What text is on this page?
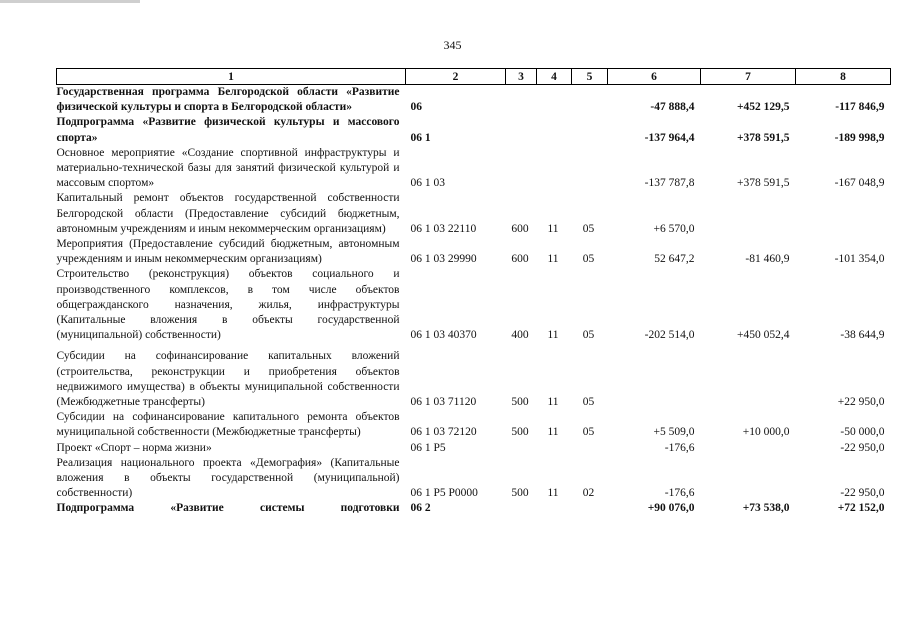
345
1	2	3	4	5	6	7	8
Государственная программа Белгородской области «Развитие физической культуры и спорта в Белгородской области»	06				-47 888,4	+452 129,5	-117 846,9
Подпрограмма «Развитие физической культуры и массового спорта»	06 1				-137 964,4	+378 591,5	-189 998,9
Основное мероприятие «Создание спортивной инфраструктуры и материально-технической базы для занятий физической культурой и массовым спортом»	06 1 03				-137 787,8	+378 591,5	-167 048,9
Капитальный ремонт объектов государственной собственности Белгородской области (Предоставление субсидий бюджетным, автономным учреждениям и иным некоммерческим организациям)	06 1 03 22110	600	11	05	+6 570,0		
Мероприятия (Предоставление субсидий бюджетным, автономным учреждениям и иным некоммерческим организациям)	06 1 03 29990	600	11	05	52 647,2	-81 460,9	-101 354,0
Строительство (реконструкция) объектов социального и производственного комплексов, в том числе объектов общегражданского назначения, жилья, инфраструктуры (Капитальные вложения в объекты государственной (муниципальной) собственности)	06 1 03 40370	400	11	05	-202 514,0	+450 052,4	-38 644,9
Субсидии на софинансирование капитальных вложений (строительства, реконструкции и приобретения объектов недвижимого имущества) в объекты муниципальной собственности (Межбюджетные трансферты)	06 1 03 71120	500	11	05			+22 950,0
Субсидии на софинансирование капитального ремонта объектов муниципальной собственности (Межбюджетные трансферты)	06 1 03 72120	500	11	05	+5 509,0	+10 000,0	-50 000,0
Проект «Спорт – норма жизни»	06 1 P5				-176,6		-22 950,0
Реализация национального проекта «Демография» (Капитальные вложения в объекты государственной (муниципальной) собственности)	06 1 P5 P0000	500	11	02	-176,6		-22 950,0
Подпрограмма «Развитие системы подготовки	06 2				+90 076,0	+73 538,0	+72 152,0
